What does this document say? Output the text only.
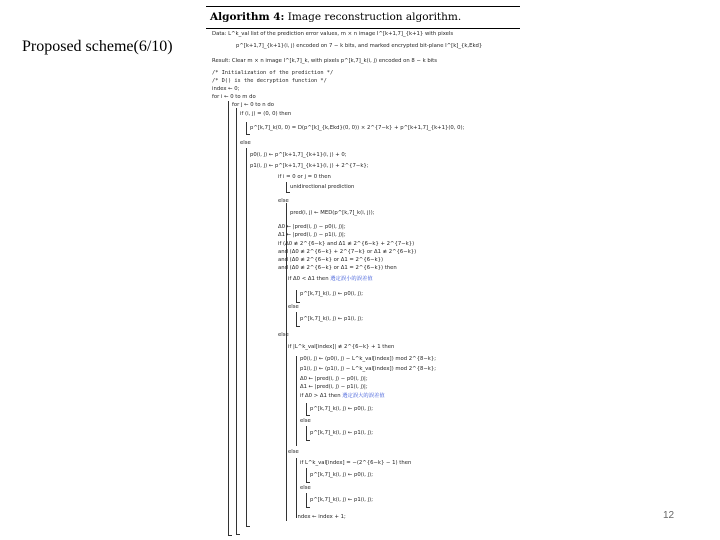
Proposed scheme(6/10)
Algorithm 4: Image reconstruction algorithm.
Data: L^k_val list of the prediction error values, m × n image I^[k+1,7]_{k+1} with pixels
p^[k+1,7]_{k+1}(i, j) encoded on 7 − k bits, and marked encrypted bit-plane I^[k]_{k,Ekd}
Result: Clear m × n image I^[k,7]_k, with pixels p^[k,7]_k(i, j) encoded on 8 − k bits
/* Initialization of the prediction */
/* D() is the decryption function */
index ← 0;
for i ← 0 to m do
for j ← 0 to n do
if (i, j) = (0, 0) then
p^[k,7]_k(0, 0) = D(p^[k]_{k,Ekd}(0, 0)) × 2^{7−k} + p^[k+1,7]_{k+1}(0, 0);
else
p0(i, j) ← p^[k+1,7]_{k+1}(i, j) + 0;
p1(i, j) ← p^[k+1,7]_{k+1}(i, j) + 2^{7−k};
if i = 0 or j = 0 then
unidirectional prediction
else
pred(i, j) ← MED(p^[k,7]_k(i, j));
Δ0 ← |pred(i, j) − p0(i, j)|;
Δ1 ← |pred(i, j) − p1(i, j)|;
if (Δ0 ≢ 2^{6−k} and Δ1 ≢ 2^{6−k} + 2^{7−k})
and (Δ0 ≢ 2^{6−k} + 2^{7−k} or Δ1 ≢ 2^{6−k})
and (Δ0 ≢ 2^{6−k} or Δ1 = 2^{6−k})
and (Δ0 ≢ 2^{6−k} or Δ1 = 2^{6−k}) then
if Δ0 < Δ1 then 選定誤小的誤差值
p^[k,7]_k(i, j) ← p0(i, j);
else
p^[k,7]_k(i, j) ← p1(i, j);
else
if |L^k_val[index]| ≢ 2^{6−k} + 1 then
p0(i, j) ← (p0(i, j) − L^k_val[index]) mod 2^{8−k};
p1(i, j) ← (p1(i, j) − L^k_val[index]) mod 2^{8−k};
Δ0 ← |pred(i, j) − p0(i, j)|;
Δ1 ← |pred(i, j) − p1(i, j)|;
if Δ0 > Δ1 then 選定誤大的誤差值
p^[k,7]_k(i, j) ← p0(i, j);
else
p^[k,7]_k(i, j) ← p1(i, j);
else
if L^k_val[index] = −(2^{6−k} − 1) then
p^[k,7]_k(i, j) ← p0(i, j);
else
p^[k,7]_k(i, j) ← p1(i, j);
index ← index + 1;	12
